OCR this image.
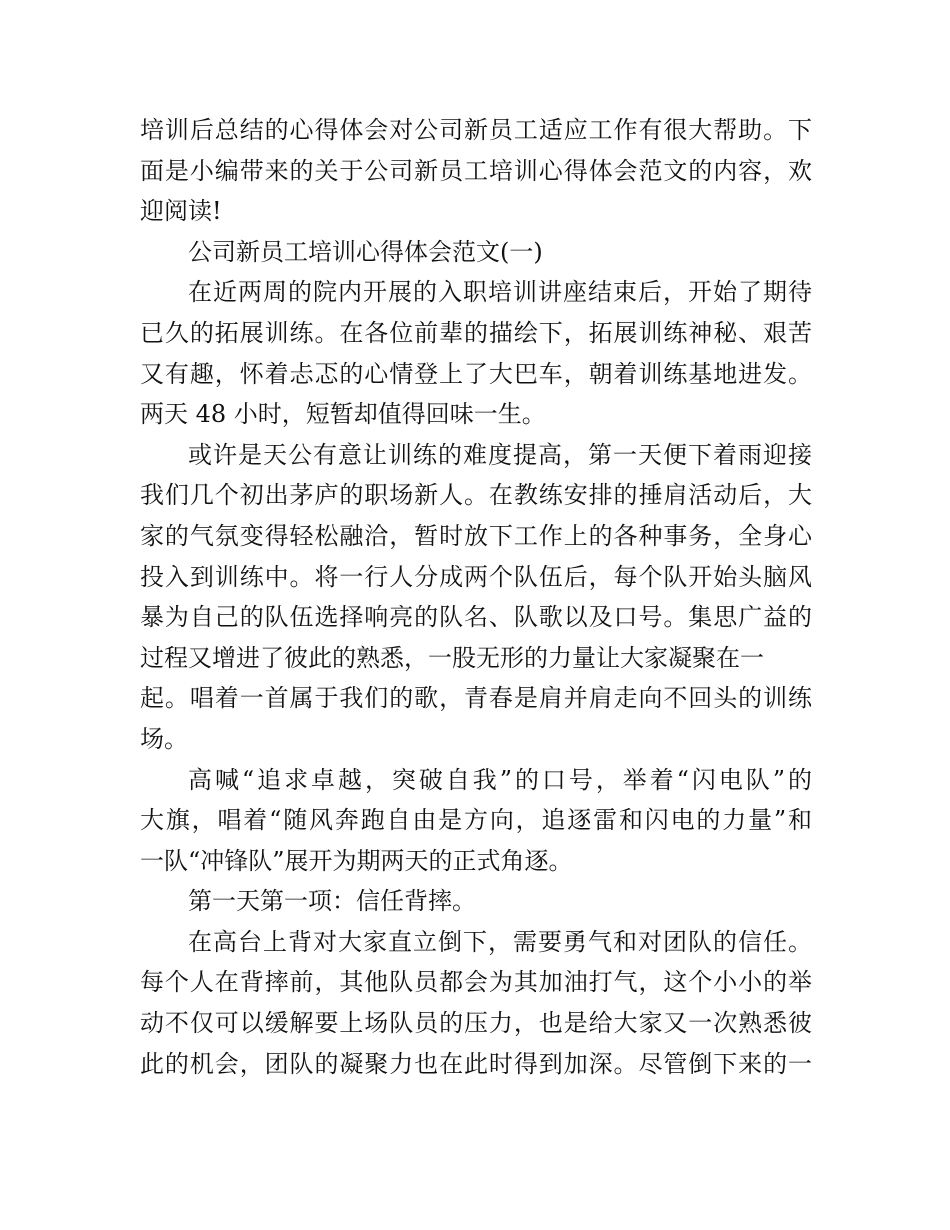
培训后总结的心得体会对公司新员工适应工作有很大帮助。下
面是小编带来的关于公司新员工培训心得体会范文的内容，欢
迎阅读!
公司新员工培训心得体会范文(一)
在近两周的院内开展的入职培训讲座结束后，开始了期待
已久的拓展训练。在各位前辈的描绘下，拓展训练神秘、艰苦
又有趣，怀着忐忑的心情登上了大巴车，朝着训练基地进发。
两天 48 小时，短暂却值得回味一生。
或许是天公有意让训练的难度提高，第一天便下着雨迎接
我们几个初出茅庐的职场新人。在教练安排的捶肩活动后，大
家的气氛变得轻松融洽，暂时放下工作上的各种事务，全身心
投入到训练中。将一行人分成两个队伍后，每个队开始头脑风
暴为自己的队伍选择响亮的队名、队歌以及口号。集思广益的
过程又增进了彼此的熟悉，一股无形的力量让大家凝聚在一
起。唱着一首属于我们的歌，青春是肩并肩走向不回头的训练
场。
高喊“追求卓越，突破自我”的口号，举着“闪电队”的
大旗，唱着“随风奔跑自由是方向，追逐雷和闪电的力量”和
一队“冲锋队”展开为期两天的正式角逐。
第一天第一项：信任背摔。
在高台上背对大家直立倒下，需要勇气和对团队的信任。
每个人在背摔前，其他队员都会为其加油打气，这个小小的举
动不仅可以缓解要上场队员的压力，也是给大家又一次熟悉彼
此的机会，团队的凝聚力也在此时得到加深。尽管倒下来的一
